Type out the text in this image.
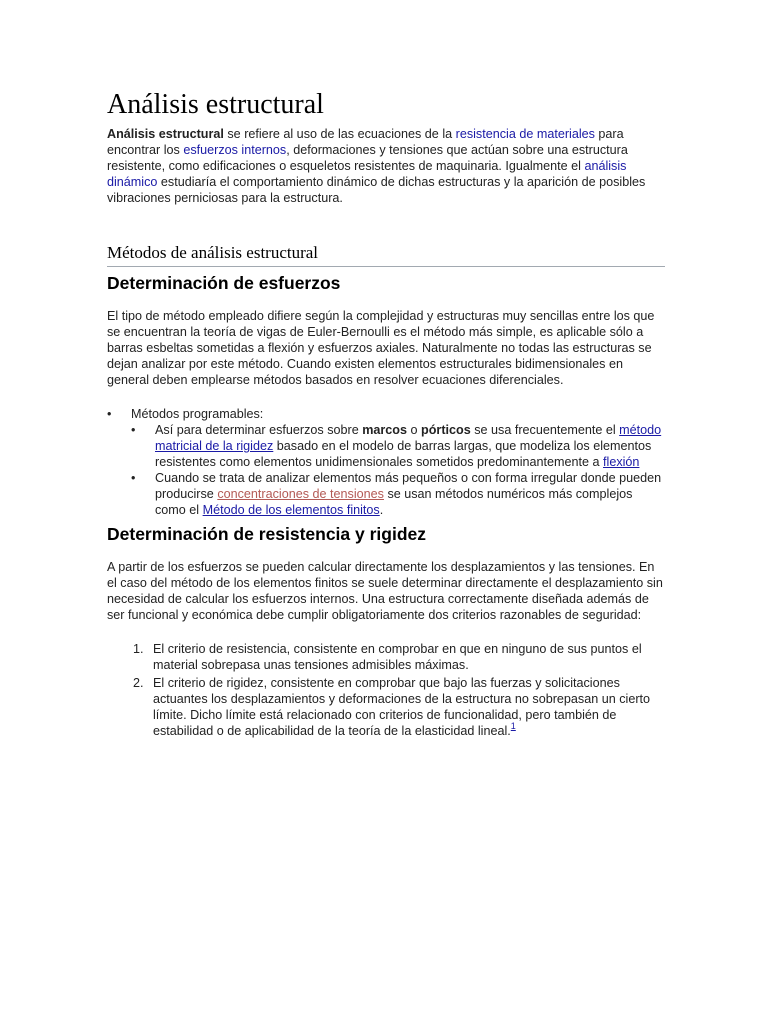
Análisis estructural

Análisis estructural se refiere al uso de las ecuaciones de la resistencia de materiales para encontrar los esfuerzos internos, deformaciones y tensiones que actúan sobre una estructura resistente, como edificaciones o esqueletos resistentes de maquinaria. Igualmente el análisis dinámico estudiaría el comportamiento dinámico de dichas estructuras y la aparición de posibles vibraciones perniciosas para la estructura.

Métodos de análisis estructural
Determinación de esfuerzos

El tipo de método empleado difiere según la complejidad y estructuras muy sencillas entre los que se encuentran la teoría de vigas de Euler-Bernoulli es el método más simple, es aplicable sólo a barras esbeltas sometidas a flexión y esfuerzos axiales. Naturalmente no todas las estructuras se dejan analizar por este método. Cuando existen elementos estructurales bidimensionales en general deben emplearse métodos basados en resolver ecuaciones diferenciales.

•	Métodos programables:
•	Así para determinar esfuerzos sobre marcos o pórticos se usa frecuentemente el método matricial de la rigidez basado en el modelo de barras largas, que modeliza los elementos resistentes como elementos unidimensionales sometidos predominantemente a flexión
•	Cuando se trata de analizar elementos más pequeños o con forma irregular donde pueden producirse concentraciones de tensiones se usan métodos numéricos más complejos como el Método de los elementos finitos.
Determinación de resistencia y rigidez

A partir de los esfuerzos se pueden calcular directamente los desplazamientos y las tensiones. En el caso del método de los elementos finitos se suele determinar directamente el desplazamiento sin necesidad de calcular los esfuerzos internos. Una estructura correctamente diseñada además de ser funcional y económica debe cumplir obligatoriamente dos criterios razonables de seguridad:

1. El criterio de resistencia, consistente en comprobar en que en ninguno de sus puntos el material sobrepasa unas tensiones admisibles máximas.
2. El criterio de rigidez, consistente en comprobar que bajo las fuerzas y solicitaciones actuantes los desplazamientos y deformaciones de la estructura no sobrepasan un cierto límite. Dicho límite está relacionado con criterios de funcionalidad, pero también de estabilidad o de aplicabilidad de la teoría de la elasticidad lineal.$^1$
